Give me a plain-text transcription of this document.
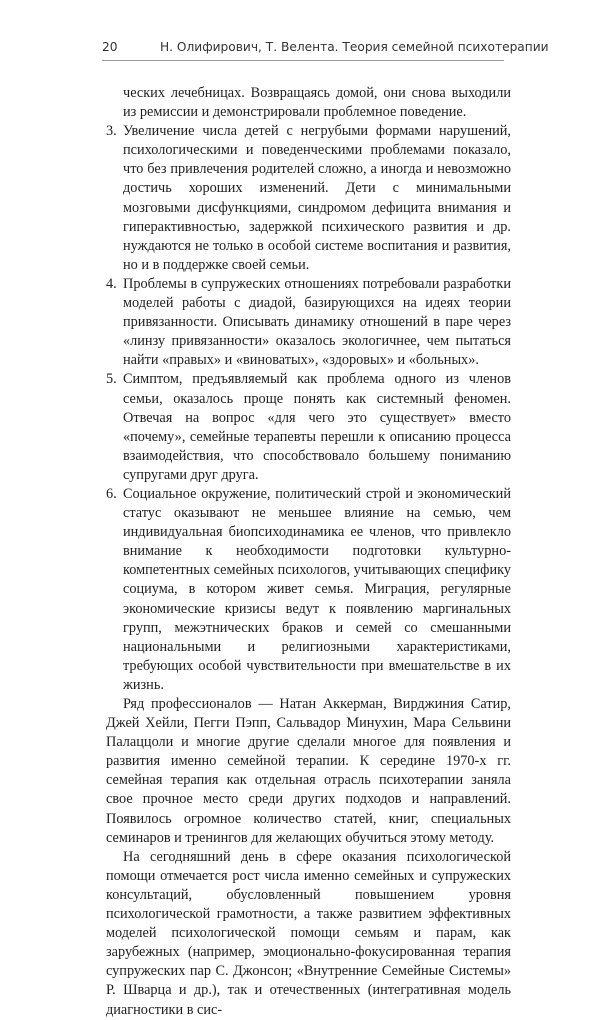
20	Н. Олифирович, Т. Велента. Теория семейной психотерапии

ческих лечебницах. Возвращаясь домой, они снова выходили из ремиссии и демонстрировали проблемное поведение.

3. Увеличение числа детей с негрубыми формами нарушений, психологическими и поведенческими проблемами показало, что без привлечения родителей сложно, а иногда и невозможно достичь хороших изменений. Дети с минимальными мозговыми дисфункциями, синдромом дефицита внимания и гиперактивностью, задержкой психического развития и др. нуждаются не только в особой системе воспитания и развития, но и в поддержке своей семьи.
4. Проблемы в супружеских отношениях потребовали разработки моделей работы с диадой, базирующихся на идеях теории привязанности. Описывать динамику отношений в паре через «линзу привязанности» оказалось экологичнее, чем пытаться найти «правых» и «виноватых», «здоровых» и «больных».
5. Симптом, предъявляемый как проблема одного из членов семьи, оказалось проще понять как системный феномен. Отвечая на вопрос «для чего это существует» вместо «почему», семейные терапевты перешли к описанию процесса взаимодействия, что способствовало большему пониманию супругами друг друга.
6. Социальное окружение, политический строй и экономический статус оказывают не меньшее влияние на семью, чем индивидуальная биопсиходинамика ее членов, что привлекло внимание к необходимости подготовки культурно-компетентных семейных психологов, учитывающих специфику социума, в котором живет семья. Миграция, регулярные экономические кризисы ведут к появлению маргинальных групп, межэтнических браков и семей со смешанными национальными и религиозными характеристиками, требующих особой чувствительности при вмешательстве в их жизнь.

Ряд профессионалов — Натан Аккерман, Вирджиния Сатир, Джей Хейли, Пегги Пэпп, Сальвадор Минухин, Мара Сельвини Палаццоли и многие другие сделали многое для появления и развития именно семейной терапии. К середине 1970-х гг. семейная терапия как отдельная отрасль психотерапии заняла свое прочное место среди других подходов и направлений. Появилось огромное количество статей, книг, специальных семинаров и тренингов для желающих обучиться этому методу.

На сегодняшний день в сфере оказания психологической помощи отмечается рост числа именно семейных и супружеских консультаций, обусловленный повышением уровня психологической грамотности, а также развитием эффективных моделей психологической помощи семьям и парам, как зарубежных (например, эмоционально-фокусированная терапия супружеских пар С. Джонсон; «Внутренние Семейные Системы» Р. Шварца и др.), так и отечественных (интегративная модель диагностики в сис-
